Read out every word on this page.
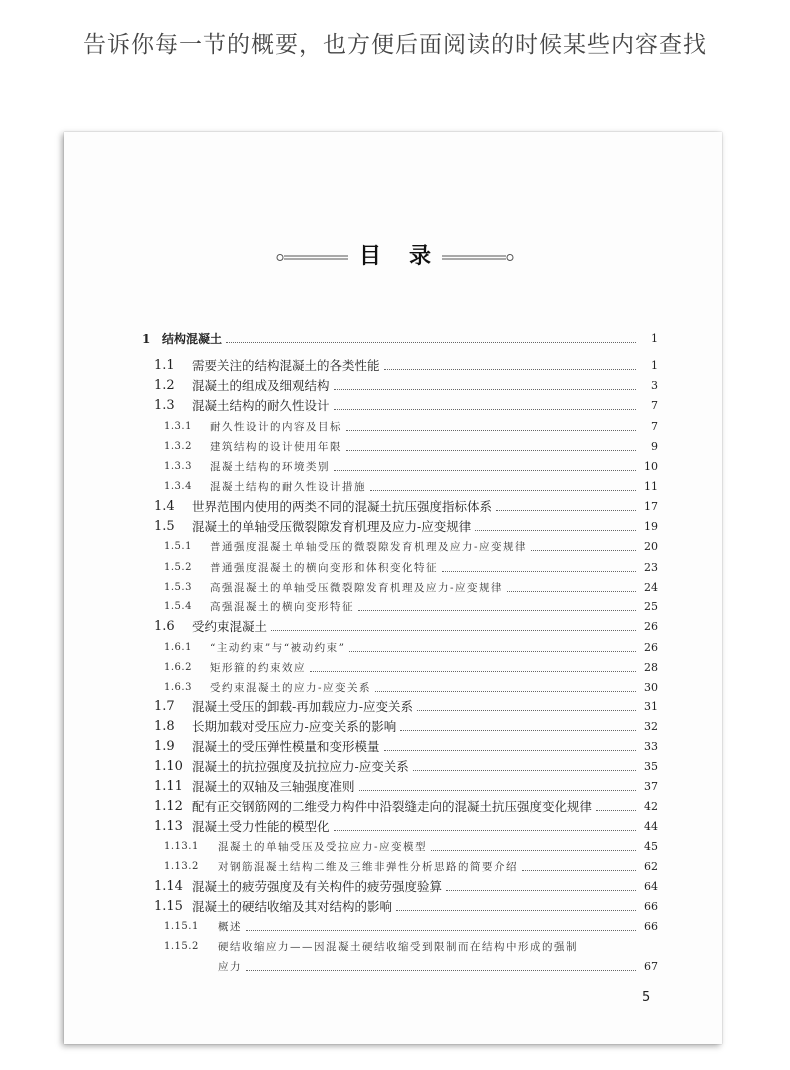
告诉你每一节的概要，也方便后面阅读的时候某些内容查找
目录
1 结构混凝土	1
1.1	需要关注的结构混凝土的各类性能	1
1.2	混凝土的组成及细观结构	3
1.3	混凝土结构的耐久性设计	7
1.3.1	耐久性设计的内容及目标	7
1.3.2	建筑结构的设计使用年限	9
1.3.3	混凝土结构的环境类别	10
1.3.4	混凝土结构的耐久性设计措施	11
1.4	世界范围内使用的两类不同的混凝土抗压强度指标体系	17
1.5	混凝土的单轴受压微裂隙发育机理及应力-应变规律	19
1.5.1	普通强度混凝土单轴受压的微裂隙发育机理及应力-应变规律	20
1.5.2	普通强度混凝土的横向变形和体积变化特征	23
1.5.3	高强混凝土的单轴受压微裂隙发育机理及应力-应变规律	24
1.5.4	高强混凝土的横向变形特征	25
1.6	受约束混凝土	26
1.6.1	“主动约束”与“被动约束”	26
1.6.2	矩形箍的约束效应	28
1.6.3	受约束混凝土的应力-应变关系	30
1.7	混凝土受压的卸载-再加载应力-应变关系	31
1.8	长期加载对受压应力-应变关系的影响	32
1.9	混凝土的受压弹性模量和变形模量	33
1.10 混凝土的抗拉强度及抗拉应力-应变关系	35
1.11 混凝土的双轴及三轴强度准则	37
1.12 配有正交钢筋网的二维受力构件中沿裂缝走向的混凝土抗压强度变化规律	42
1.13 混凝土受力性能的模型化	44
1.13.1	混凝土的单轴受压及受拉应力-应变模型	45
1.13.2	对钢筋混凝土结构二维及三维非弹性分析思路的简要介绍	62
1.14 混凝土的疲劳强度及有关构件的疲劳强度验算	64
1.15 混凝土的硬结收缩及其对结构的影响	66
1.15.1	概述	66
1.15.2	硬结收缩应力——因混凝土硬结收缩受到限制而在结构中形成的强制
应力	67
5
